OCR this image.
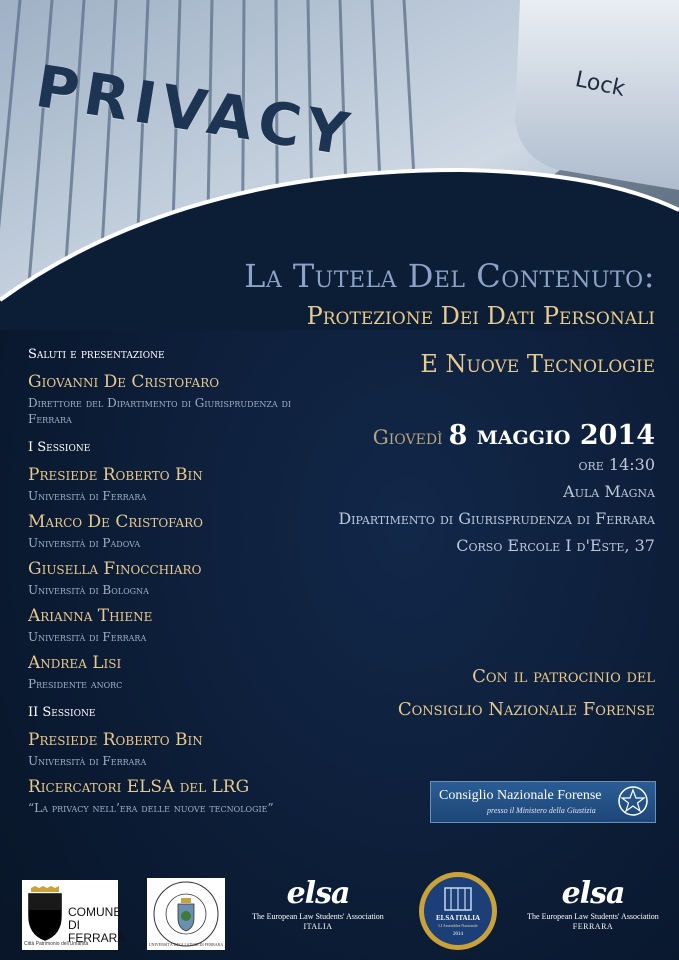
PRIVACY	Lock
La Tutela Del Contenuto:
Protezione Dei Dati Personali
E Nuove Tecnologie
Giovedì 8 maggio 2014
ore 14:30
Aula Magna
Dipartimento di Giurisprudenza di Ferrara
Corso Ercole I d'Este, 37
Con il patrocinio del
Consiglio Nazionale Forense
Consiglio Nazionale Forense
presso il Ministero della Giustizia
Saluti e presentazione
Giovanni De Cristofaro
Direttore del Dipartimento di Giurisprudenza di Ferrara
I Sessione
Presiede Roberto Bin
Università di Ferrara
Marco De Cristofaro
Università di Padova
Giusella Finocchiaro
Università di Bologna
Arianna Thiene
Università di Ferrara
Andrea Lisi
Presidente anorc
II Sessione
Presiede Roberto Bin
Università di Ferrara
Ricercatori ELSA del LRG
“La privacy nell’era delle nuove tecnologie”
COMUNE
DI FERRARA
Città Patrimonio dell'Umanità	UNIVERSITÀ DEGLI STUDI DI FERRARA
elsa
The European Law Students' Association
ITALIA
ELSA ITALIA
LI Assemblea Nazionale
2014
elsa
The European Law Students' Association
FERRARA
